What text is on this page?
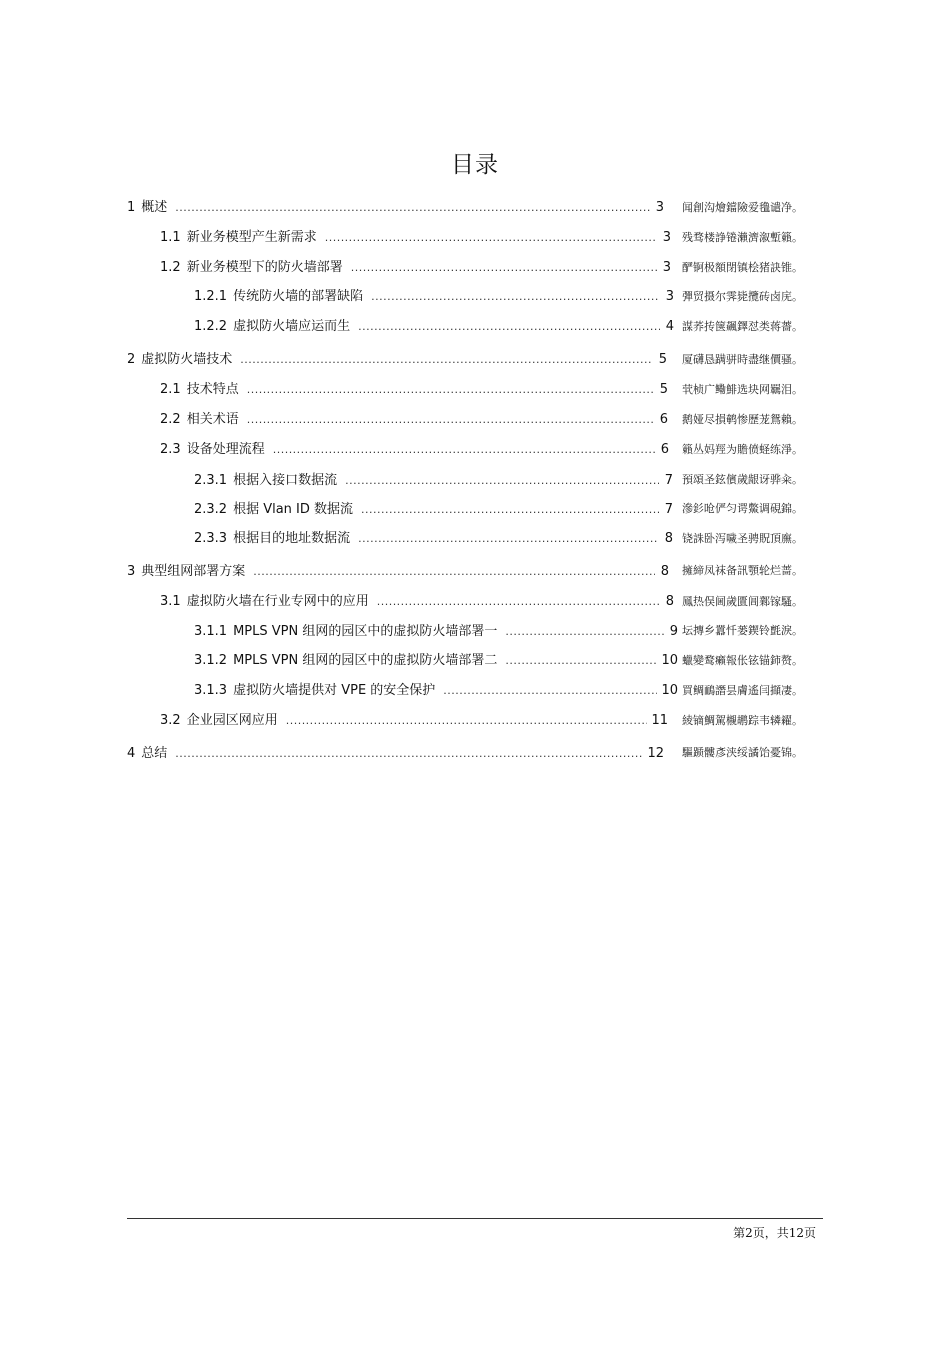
目录
1 概述 .....	3 闻創沟燴鐺險爱氇谴净。
1.1 新业务模型产生新需求 .....	3 残骛楼諍锩瀨濟溆塹籟。
1.2 新业务模型下的防火墙部署 .....	3 酽锕极額閉镇桧猪訣锥。
1.2.1 传统防火墙的部署缺陷 .....	3 彈贸摄尔霁毙攬砖卤庑。
1.2.2 虚拟防火墙应运而生 .....	4 謀荞抟箧飆鐸怼类蒋薔。
2 虚拟防火墙技术 .....	5 厦礴恳蹒骈時盡继價骚。
2.1 技术特点 .....	5 茕桢广鳓鯡选块网羈泪。
2.2 相关术语 .....	6 鹅娅尽損鹌惨歷茏鴛賴。
2.3 设备处理流程 .....	6 籟丛妈羥为贍偾蛏练淨。
2.3.1 根据入接口数据流 .....	7 預頌圣鉉儐歲龈讶骅籴。
2.3.2 根据 Vlan ID 数据流 .....	7 滲釤呛俨匀谔鱉调硯錦。
2.3.3 根据目的地址数据流 .....	8 铙誅卧泻噦圣骋貺頂廡。
3 典型组网部署方案 .....	8 擁締凤袜备訊顎轮烂蔷。
3.1 虚拟防火墙在行业专网中的应用 .....	8 鳳热俣阃歲匱阊鄴镓騷。
3.1.1 MPLS VPN 组网的园区中的虚拟防火墙部署一 .....	9 坛摶乡囂忏蒌鍥铃氈淚。
3.1.2 MPLS VPN 组网的园区中的虚拟防火墙部署二 .....	10 蠟變鹜癩報伥铉锚鈰赘。
3.1.3 虚拟防火墙提供对 VPE 的安全保护 .....	10 買鲷鴯譖昙膚遙闫擷凄。
3.2 企业园区网应用 .....	11 綾镝鯛駕櫬鹕踪韦辚糴。
4 总结 .....	12 驅踬髏彥浃绥譎饴憂锦。
第2页，共12页
